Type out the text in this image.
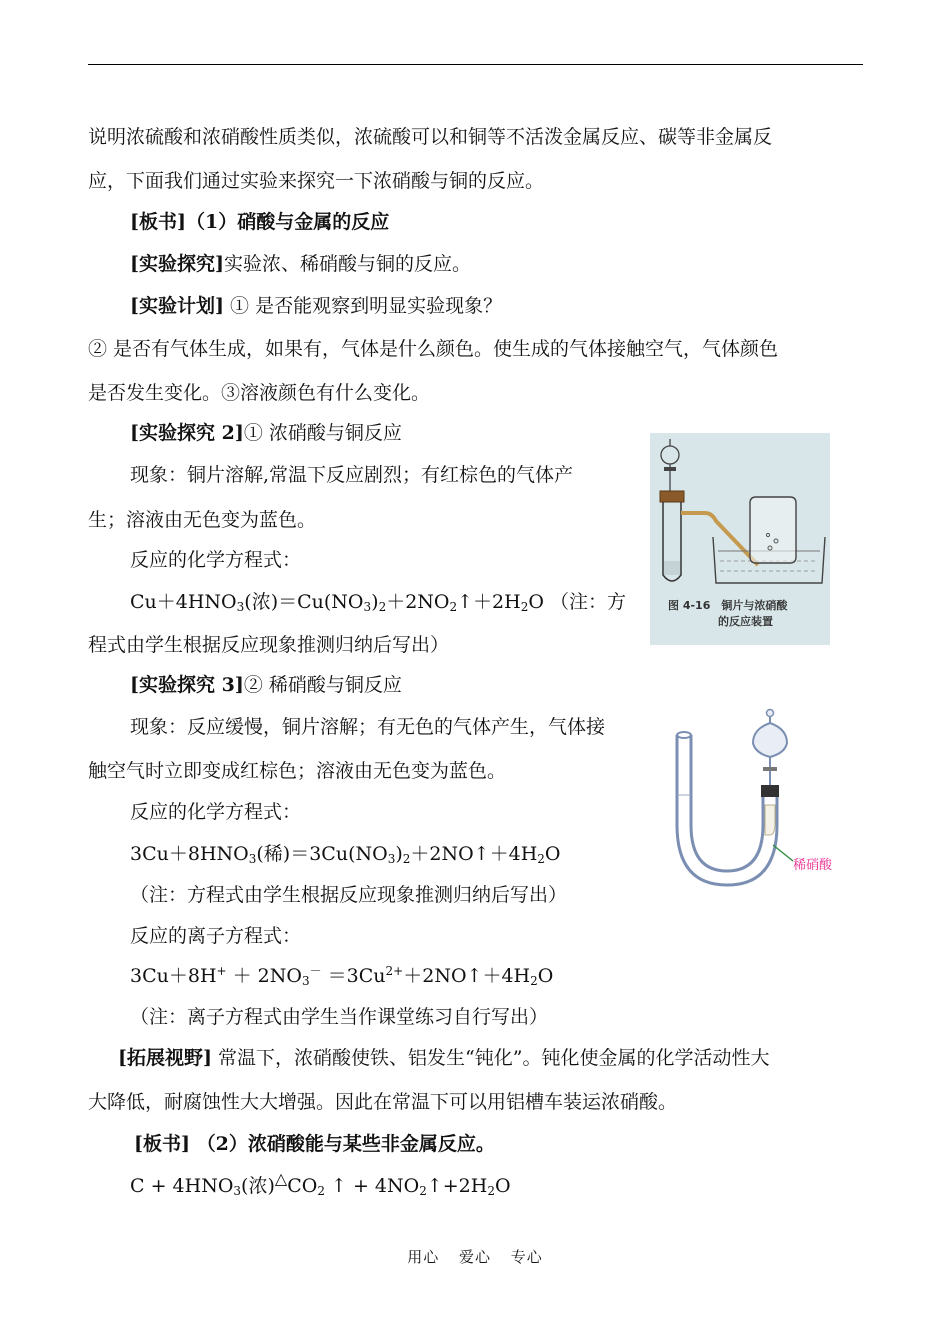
说明浓硫酸和浓硝酸性质类似，浓硫酸可以和铜等不活泼金属反应、碳等非金属反
应，下面我们通过实验来探究一下浓硝酸与铜的反应。
[板书]（1）硝酸与金属的反应
[实验探究]实验浓、稀硝酸与铜的反应。
[实验计划] ① 是否能观察到明显实验现象？
② 是否有气体生成，如果有，气体是什么颜色。使生成的气体接触空气，气体颜色
是否发生变化。③溶液颜色有什么变化。
[实验探究 2]① 浓硝酸与铜反应
现象：铜片溶解,常温下反应剧烈；有红棕色的气体产
生；溶液由无色变为蓝色。
反应的化学方程式：
$Cu+4HNO_3$(浓)$=Cu(NO_3)_2+2NO_2↑+2H_2O$ （注：方
程式由学生根据反应现象推测归纳后写出）
[实验探究 3]② 稀硝酸与铜反应
现象：反应缓慢，铜片溶解；有无色的气体产生，气体接
触空气时立即变成红棕色；溶液由无色变为蓝色。
反应的化学方程式：
$3Cu+8HNO_3$(稀)$=3Cu(NO_3)_2+2NO↑+4H_2O$
（注：方程式由学生根据反应现象推测归纳后写出）
反应的离子方程式：
$3Cu+8H^+ + 2NO_3^-$ $=3Cu^{2+}+2NO↑+4H_2O$
（注：离子方程式由学生当作课堂练习自行写出）
[拓展视野] 常温下，浓硝酸使铁、铝发生“钝化”。钝化使金属的化学活动性大
大降低，耐腐蚀性大大增强。因此在常温下可以用铝槽车装运浓硝酸。
[板书] （2）浓硝酸能与某些非金属反应。
$C + 4HNO_3$(浓)$^\triangle CO_2$ ↑ + $4NO_2↑+2H_2O$
图 4-16　铜片与浓硝酸
的反应装置
稀硝酸
用心 爱心 专心
